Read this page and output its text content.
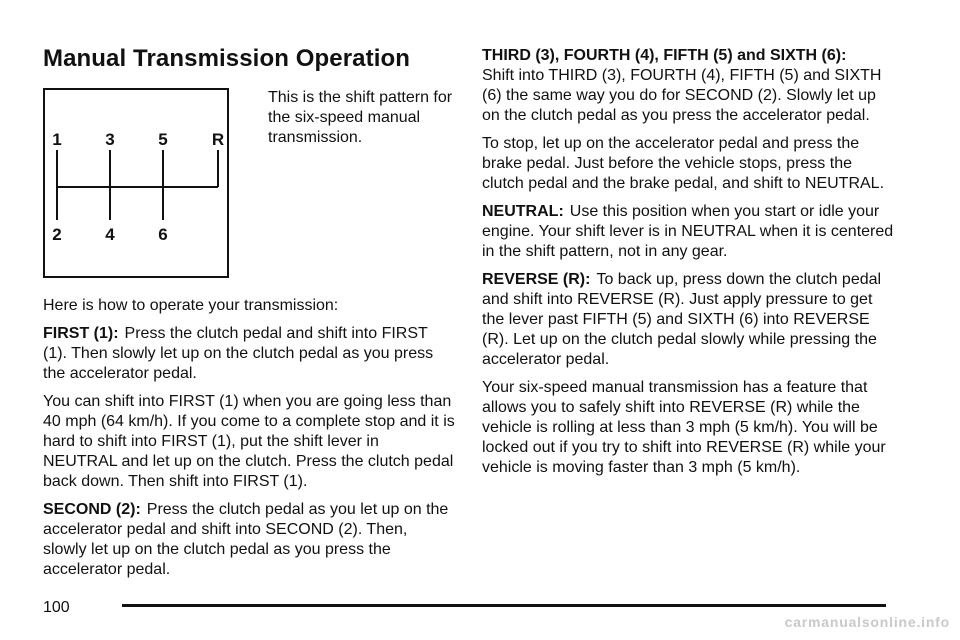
Manual Transmission Operation
1	3	5	R
2	4	6
This is the shift pattern for the six-speed manual transmission.

Here is how to operate your transmission:

FIRST (1): Press the clutch pedal and shift into FIRST (1). Then slowly let up on the clutch pedal as you press the accelerator pedal.

You can shift into FIRST (1) when you are going less than 40 mph (64 km/h). If you come to a complete stop and it is hard to shift into FIRST (1), put the shift lever in NEUTRAL and let up on the clutch. Press the clutch pedal back down. Then shift into FIRST (1).

SECOND (2): Press the clutch pedal as you let up on the accelerator pedal and shift into SECOND (2). Then, slowly let up on the clutch pedal as you press the accelerator pedal.

THIRD (3), FOURTH (4), FIFTH (5) and SIXTH (6):
Shift into THIRD (3), FOURTH (4), FIFTH (5) and SIXTH (6) the same way you do for SECOND (2). Slowly let up on the clutch pedal as you press the accelerator pedal.

To stop, let up on the accelerator pedal and press the brake pedal. Just before the vehicle stops, press the clutch pedal and the brake pedal, and shift to NEUTRAL.

NEUTRAL: Use this position when you start or idle your engine. Your shift lever is in NEUTRAL when it is centered in the shift pattern, not in any gear.

REVERSE (R): To back up, press down the clutch pedal and shift into REVERSE (R). Just apply pressure to get the lever past FIFTH (5) and SIXTH (6) into REVERSE (R). Let up on the clutch pedal slowly while pressing the accelerator pedal.

Your six-speed manual transmission has a feature that allows you to safely shift into REVERSE (R) while the vehicle is rolling at less than 3 mph (5 km/h). You will be locked out if you try to shift into REVERSE (R) while your vehicle is moving faster than 3 mph (5 km/h).

100
carmanualsonline.info
